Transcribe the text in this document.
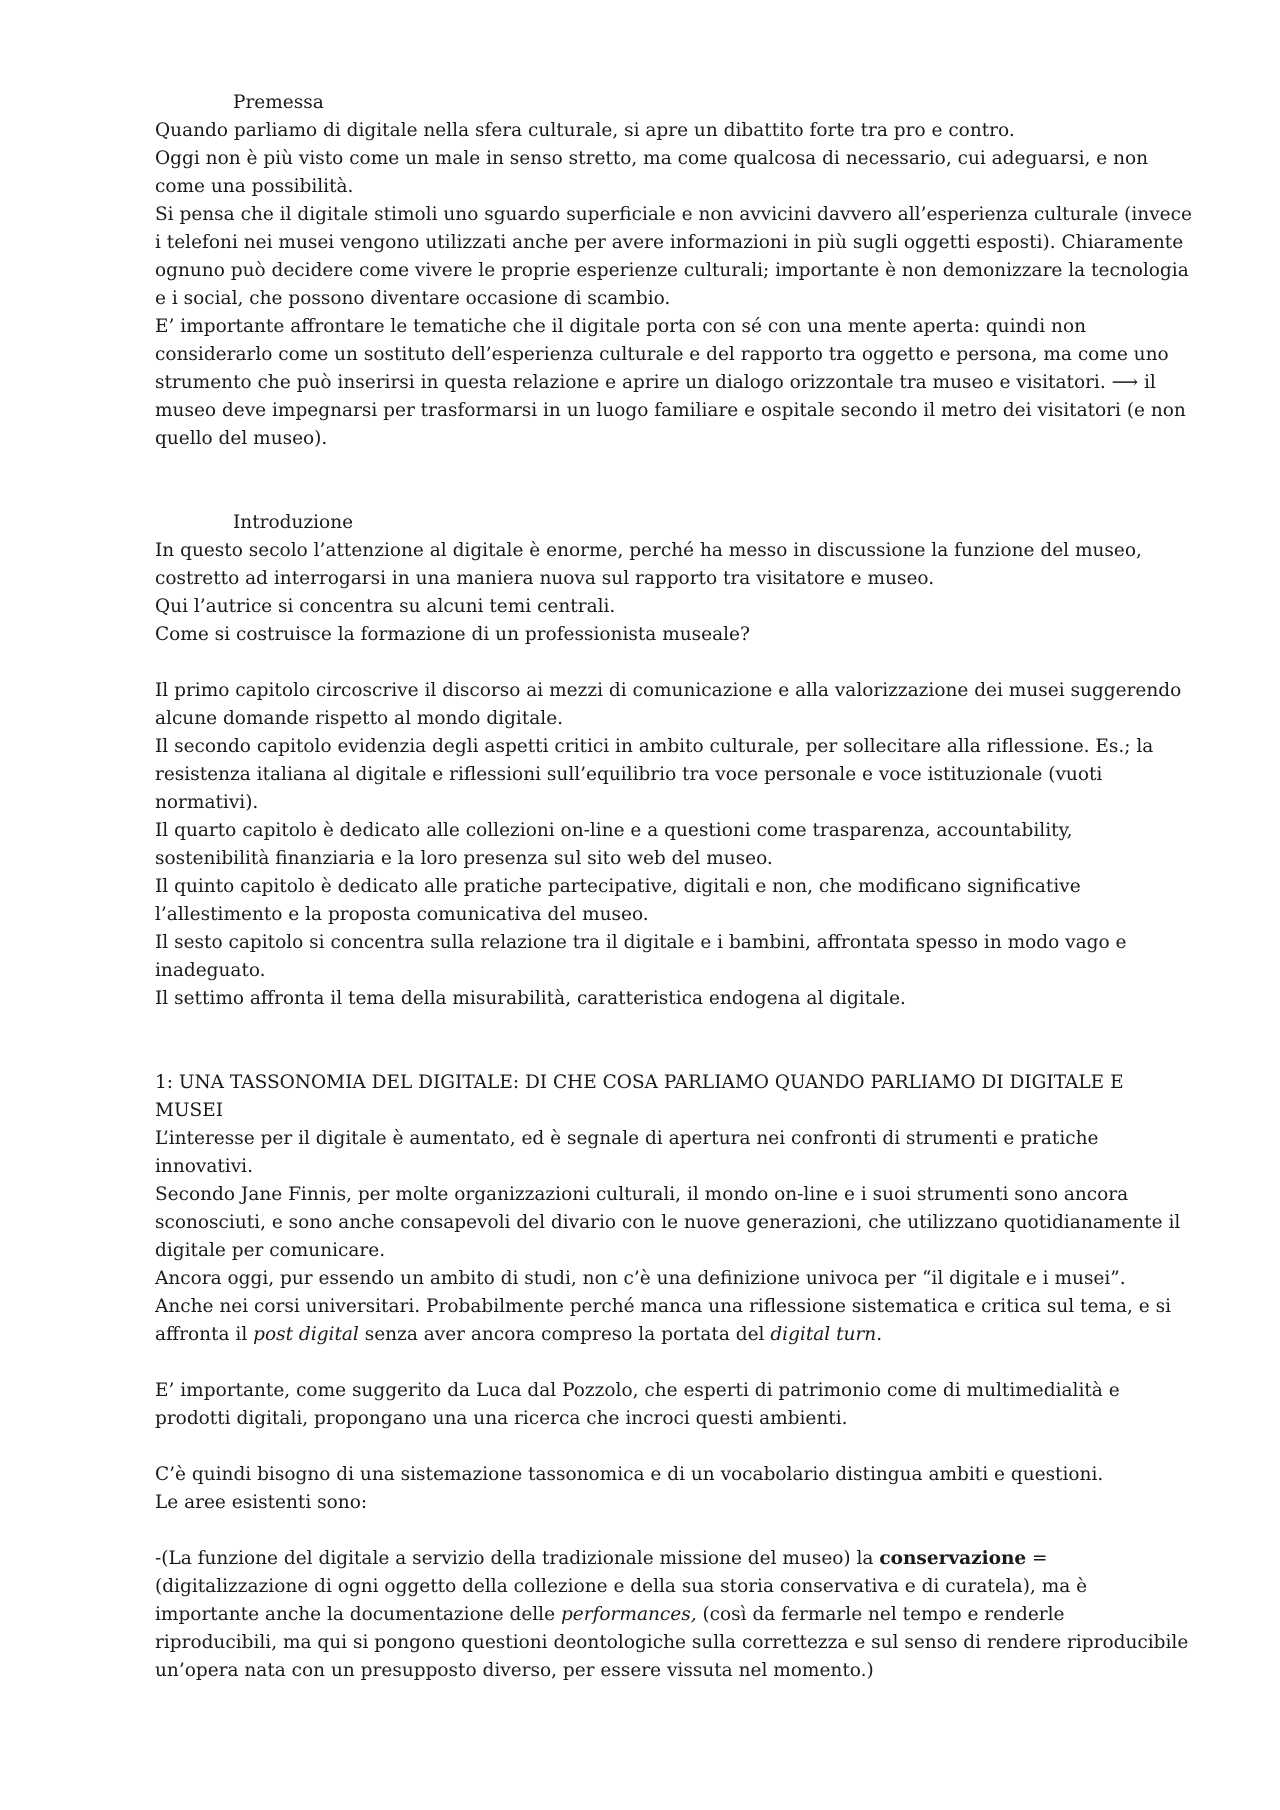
Premessa
Quando parliamo di digitale nella sfera culturale, si apre un dibattito forte tra pro e contro.
Oggi non è più visto come un male in senso stretto, ma come qualcosa di necessario, cui adeguarsi, e non
come una possibilità.
Si pensa che il digitale stimoli uno sguardo superficiale e non avvicini davvero all’esperienza culturale (invece
i telefoni nei musei vengono utilizzati anche per avere informazioni in più sugli oggetti esposti). Chiaramente
ognuno può decidere come vivere le proprie esperienze culturali; importante è non demonizzare la tecnologia
e i social, che possono diventare occasione di scambio.
E’ importante affrontare le tematiche che il digitale porta con sé con una mente aperta: quindi non
considerarlo come un sostituto dell’esperienza culturale e del rapporto tra oggetto e persona, ma come uno
strumento che può inserirsi in questa relazione e aprire un dialogo orizzontale tra museo e visitatori. ⟶ il
museo deve impegnarsi per trasformarsi in un luogo familiare e ospitale secondo il metro dei visitatori (e non
quello del museo).
Introduzione
In questo secolo l’attenzione al digitale è enorme, perché ha messo in discussione la funzione del museo,
costretto ad interrogarsi in una maniera nuova sul rapporto tra visitatore e museo.
Qui l’autrice si concentra su alcuni temi centrali.
Come si costruisce la formazione di un professionista museale?
Il primo capitolo circoscrive il discorso ai mezzi di comunicazione e alla valorizzazione dei musei suggerendo
alcune domande rispetto al mondo digitale.
Il secondo capitolo evidenzia degli aspetti critici in ambito culturale, per sollecitare alla riflessione. Es.; la
resistenza italiana al digitale e riflessioni sull’equilibrio tra voce personale e voce istituzionale (vuoti
normativi).
Il quarto capitolo è dedicato alle collezioni on-line e a questioni come trasparenza, accountability,
sostenibilità finanziaria e la loro presenza sul sito web del museo.
Il quinto capitolo è dedicato alle pratiche partecipative, digitali e non, che modificano significative
l’allestimento e la proposta comunicativa del museo.
Il sesto capitolo si concentra sulla relazione tra il digitale e i bambini, affrontata spesso in modo vago e
inadeguato.
Il settimo affronta il tema della misurabilità, caratteristica endogena al digitale.
1: UNA TASSONOMIA DEL DIGITALE: DI CHE COSA PARLIAMO QUANDO PARLIAMO DI DIGITALE E
MUSEI
L’interesse per il digitale è aumentato, ed è segnale di apertura nei confronti di strumenti e pratiche
innovativi.
Secondo Jane Finnis, per molte organizzazioni culturali, il mondo on-line e i suoi strumenti sono ancora
sconosciuti, e sono anche consapevoli del divario con le nuove generazioni, che utilizzano quotidianamente il
digitale per comunicare.
Ancora oggi, pur essendo un ambito di studi, non c’è una definizione univoca per “il digitale e i musei”.
Anche nei corsi universitari. Probabilmente perché manca una riflessione sistematica e critica sul tema, e si
affronta il post digital senza aver ancora compreso la portata del digital turn.
E’ importante, come suggerito da Luca dal Pozzolo, che esperti di patrimonio come di multimedialità e
prodotti digitali, propongano una una ricerca che incroci questi ambienti.
C’è quindi bisogno di una sistemazione tassonomica e di un vocabolario distingua ambiti e questioni.
Le aree esistenti sono:
-(La funzione del digitale a servizio della tradizionale missione del museo) la conservazione =
(digitalizzazione di ogni oggetto della collezione e della sua storia conservativa e di curatela), ma è
importante anche la documentazione delle performances, (così da fermarle nel tempo e renderle
riproducibili, ma qui si pongono questioni deontologiche sulla correttezza e sul senso di rendere riproducibile
un’opera nata con un presupposto diverso, per essere vissuta nel momento.)
